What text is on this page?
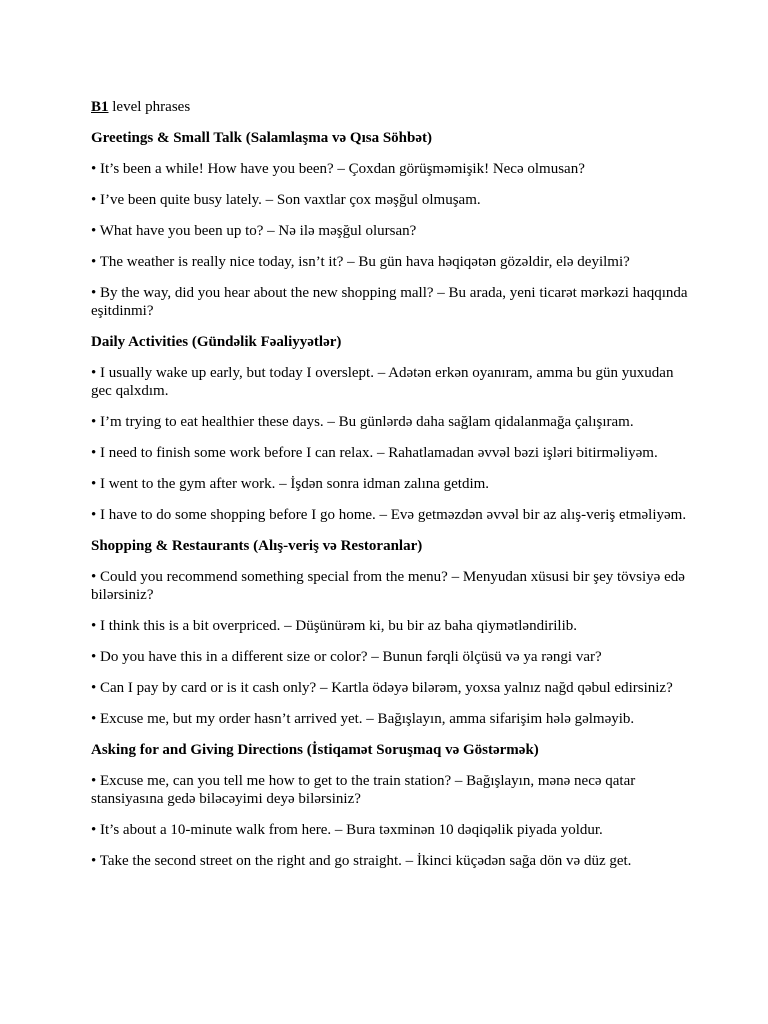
B1 level phrases

Greetings & Small Talk (Salamlaşma və Qısa Söhbət)

• It’s been a while! How have you been? – Çoxdan görüşməmişik! Necə olmusan?

• I’ve been quite busy lately. – Son vaxtlar çox məşğul olmuşam.

• What have you been up to? – Nə ilə məşğul olursan?

• The weather is really nice today, isn’t it? – Bu gün hava həqiqətən gözəldir, elə deyilmi?

• By the way, did you hear about the new shopping mall? – Bu arada, yeni ticarət mərkəzi haqqında eşitdinmi?

Daily Activities (Gündəlik Fəaliyyətlər)

• I usually wake up early, but today I overslept. – Adətən erkən oyanıram, amma bu gün yuxudan gec qalxdım.

• I’m trying to eat healthier these days. – Bu günlərdə daha sağlam qidalanmağa çalışıram.

• I need to finish some work before I can relax. – Rahatlamadan əvvəl bəzi işləri bitirməliyəm.

• I went to the gym after work. – İşdən sonra idman zalına getdim.

• I have to do some shopping before I go home. – Evə getməzdən əvvəl bir az alış-veriş etməliyəm.

Shopping & Restaurants (Alış-veriş və Restoranlar)

• Could you recommend something special from the menu? – Menyudan xüsusi bir şey tövsiyə edə bilərsiniz?

• I think this is a bit overpriced. – Düşünürəm ki, bu bir az baha qiymətləndirilib.

• Do you have this in a different size or color? – Bunun fərqli ölçüsü və ya rəngi var?

• Can I pay by card or is it cash only? – Kartla ödəyə bilərəm, yoxsa yalnız nağd qəbul edirsiniz?

• Excuse me, but my order hasn’t arrived yet. – Bağışlayın, amma sifarişim hələ gəlməyib.

Asking for and Giving Directions (İstiqamət Soruşmaq və Göstərmək)

• Excuse me, can you tell me how to get to the train station? – Bağışlayın, mənə necə qatar stansiyasına gedə biləcəyimi deyə bilərsiniz?

• It’s about a 10-minute walk from here. – Bura təxminən 10 dəqiqəlik piyada yoldur.

• Take the second street on the right and go straight. – İkinci küçədən sağa dön və düz get.
